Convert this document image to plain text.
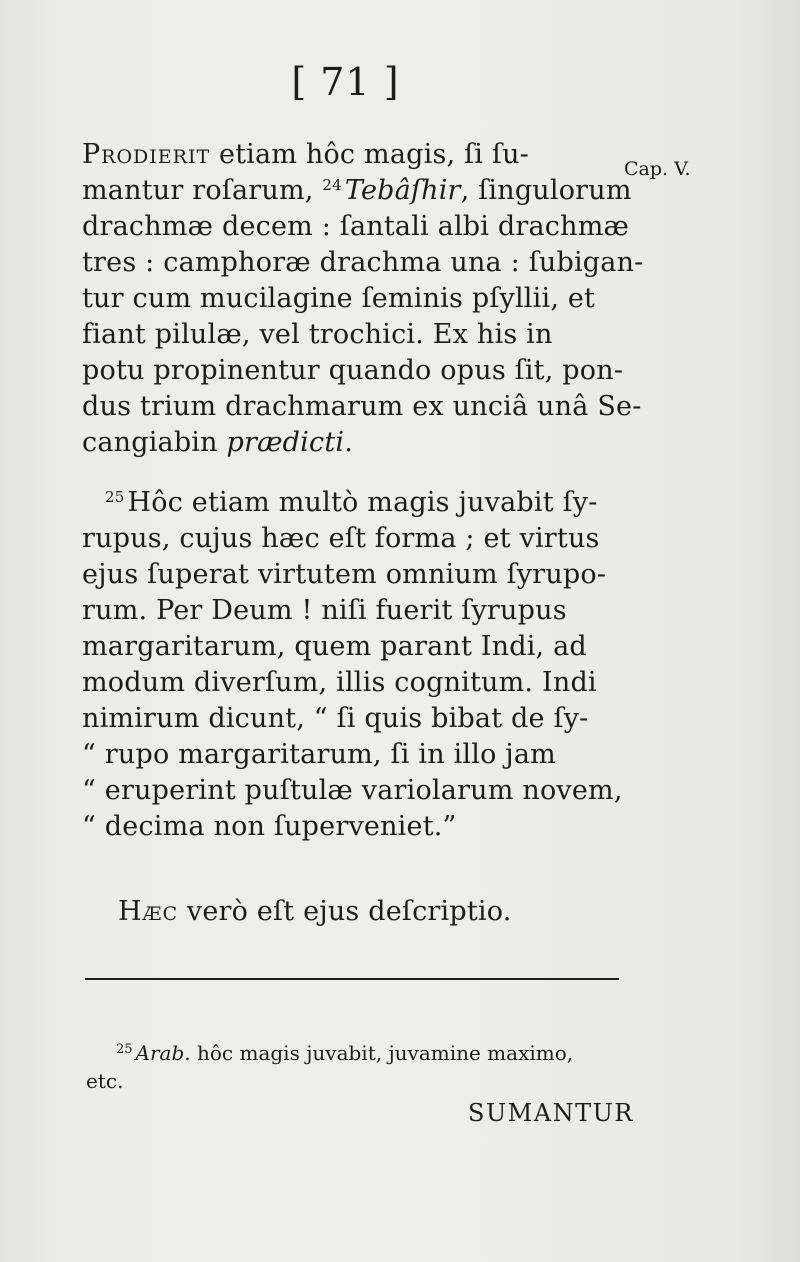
[ 71 ]
Cap. V.
Prodierit etiam hôc magis, ſi ſu-
mantur roſarum, $^{24}$ Tebâſhir, ſingulorum
drachmæ decem : ſantali albi drachmæ
tres : camphoræ drachma una : ſubigan-
tur cum mucilagine ſeminis pſyllii, et
fiant pilulæ, vel trochici. Ex his in
potu propinentur quando opus ſit, pon-
dus trium drachmarum ex unciâ unâ Se-
cangiabin prædicti.
$^{25}$ Hôc etiam multò magis juvabit ſy-
rupus, cujus hæc eſt forma ; et virtus
ejus ſuperat virtutem omnium ſyrupo-
rum. Per Deum ! niſi fuerit ſyrupus
margaritarum, quem parant Indi, ad
modum diverſum, illis cognitum. Indi
nimirum dicunt, “ ſi quis bibat de ſy-
“ rupo margaritarum, ſi in illo jam
“ eruperint puſtulæ variolarum novem,
“ decima non ſuperveniet.”
Hæc verò eſt ejus deſcriptio.
$^{25}$ Arab. hôc magis juvabit, juvamine maximo,
etc.
SUMANTUR
